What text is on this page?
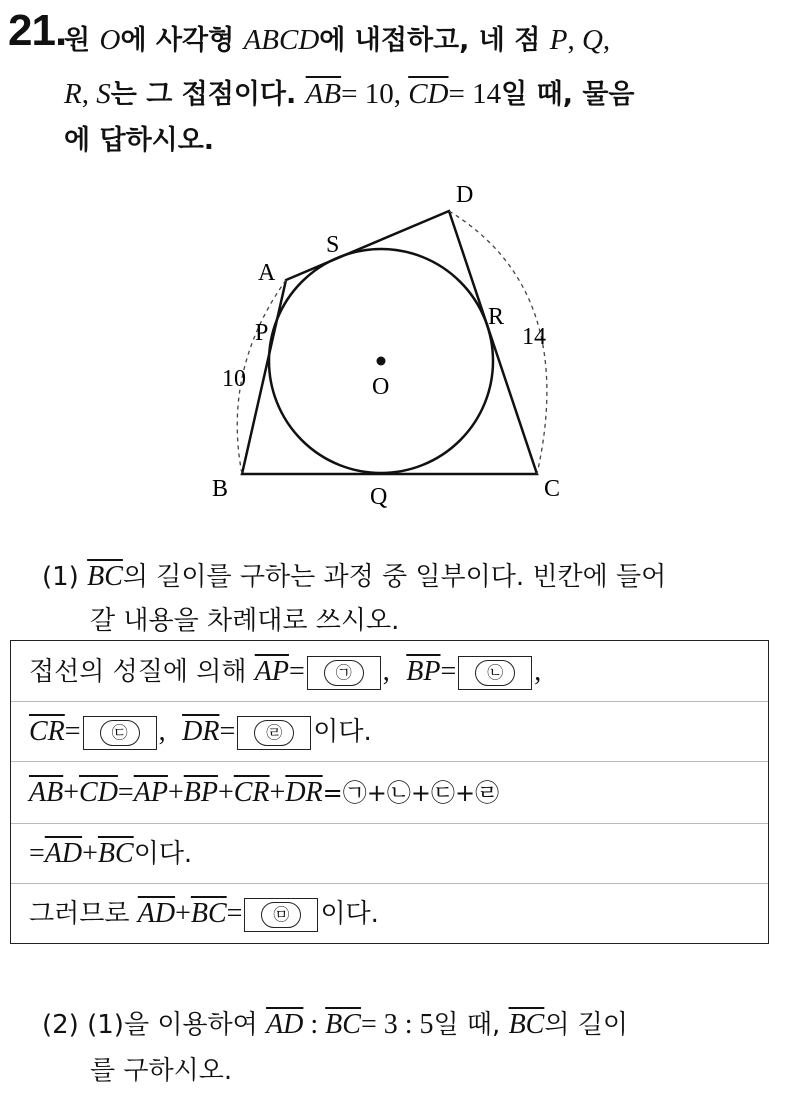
21.
원 O에 사각형 ABCD에 내접하고, 네 점 P, Q,
R, S는 그 접점이다. $\overline{AB}= 10$, $\overline{CD}= 14$일 때, 물음
에 답하시오.
A
B	C
D
O
P
Q
R
S
10
14
(1) $\overline{BC}$의 길이를 구하는 과정 중 일부이다. 빈칸에 들어
갈 내용을 차례대로 쓰시오.
접선의 성질에 의해 $\overline{AP}=$	㉠	, $\overline{BP}=$	㉡	,
$\overline{CR}=$	㉢	, $\overline{DR}=$	㉣	이다.
$\overline{AB}+\overline{CD}=\overline{AP}+\overline{BP}+\overline{CR}+\overline{DR}=㉠+㉡+㉢+㉣$
$=\overline{AD}+\overline{BC}$이다.
그러므로 $\overline{AD}+\overline{BC}=$	㉤	이다.
(2) (1)을 이용하여 $\overline{AD}$ : $\overline{BC}= 3$ : 5일 때, $\overline{BC}$의 길이
를 구하시오.
